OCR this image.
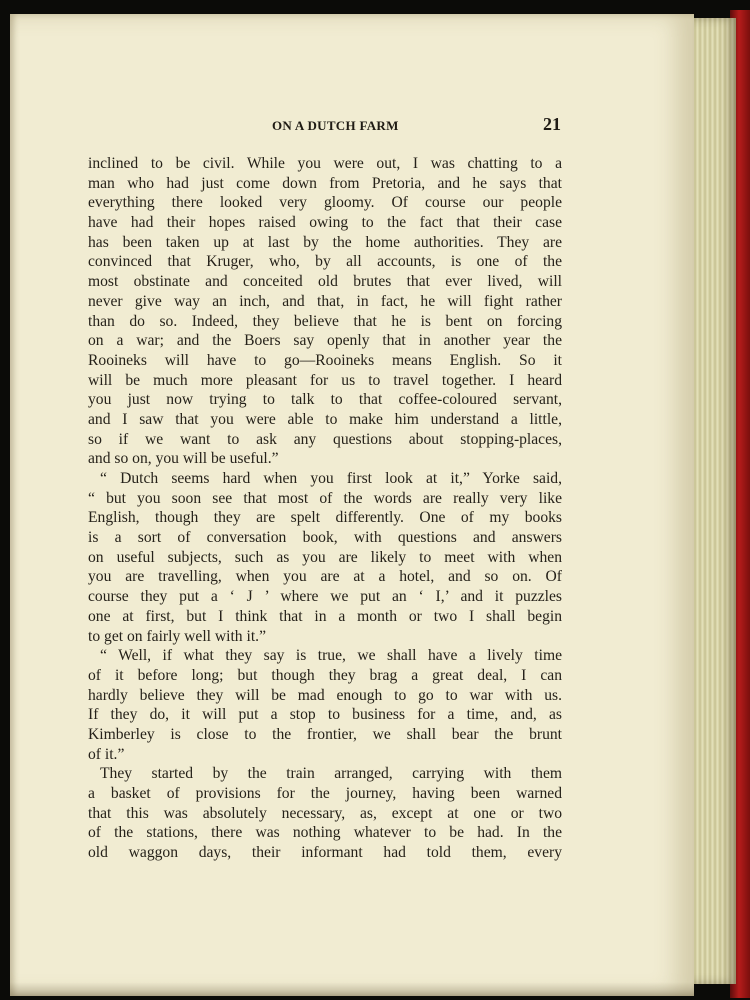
ON A DUTCH FARM	21
inclined to be civil. While you were out, I was chatting to a
man who had just come down from Pretoria, and he says that
everything there looked very gloomy. Of course our people
have had their hopes raised owing to the fact that their case
has been taken up at last by the home authorities. They are
convinced that Kruger, who, by all accounts, is one of the
most obstinate and conceited old brutes that ever lived, will
never give way an inch, and that, in fact, he will fight rather
than do so. Indeed, they believe that he is bent on forcing
on a war; and the Boers say openly that in another year the
Rooineks will have to go—Rooineks means English. So it
will be much more pleasant for us to travel together. I heard
you just now trying to talk to that coffee-coloured servant,
and I saw that you were able to make him understand a little,
so if we want to ask any questions about stopping-places,
and so on, you will be useful.”
“ Dutch seems hard when you first look at it,” Yorke said,
“ but you soon see that most of the words are really very like
English, though they are spelt differently. One of my books
is a sort of conversation book, with questions and answers
on useful subjects, such as you are likely to meet with when
you are travelling, when you are at a hotel, and so on. Of
course they put a ‘ J ’ where we put an ‘ I,’ and it puzzles
one at first, but I think that in a month or two I shall begin
to get on fairly well with it.”
“ Well, if what they say is true, we shall have a lively time
of it before long; but though they brag a great deal, I can
hardly believe they will be mad enough to go to war with us.
If they do, it will put a stop to business for a time, and, as
Kimberley is close to the frontier, we shall bear the brunt
of it.”
They started by the train arranged, carrying with them
a basket of provisions for the journey, having been warned
that this was absolutely necessary, as, except at one or two
of the stations, there was nothing whatever to be had. In the
old waggon days, their informant had told them, every
